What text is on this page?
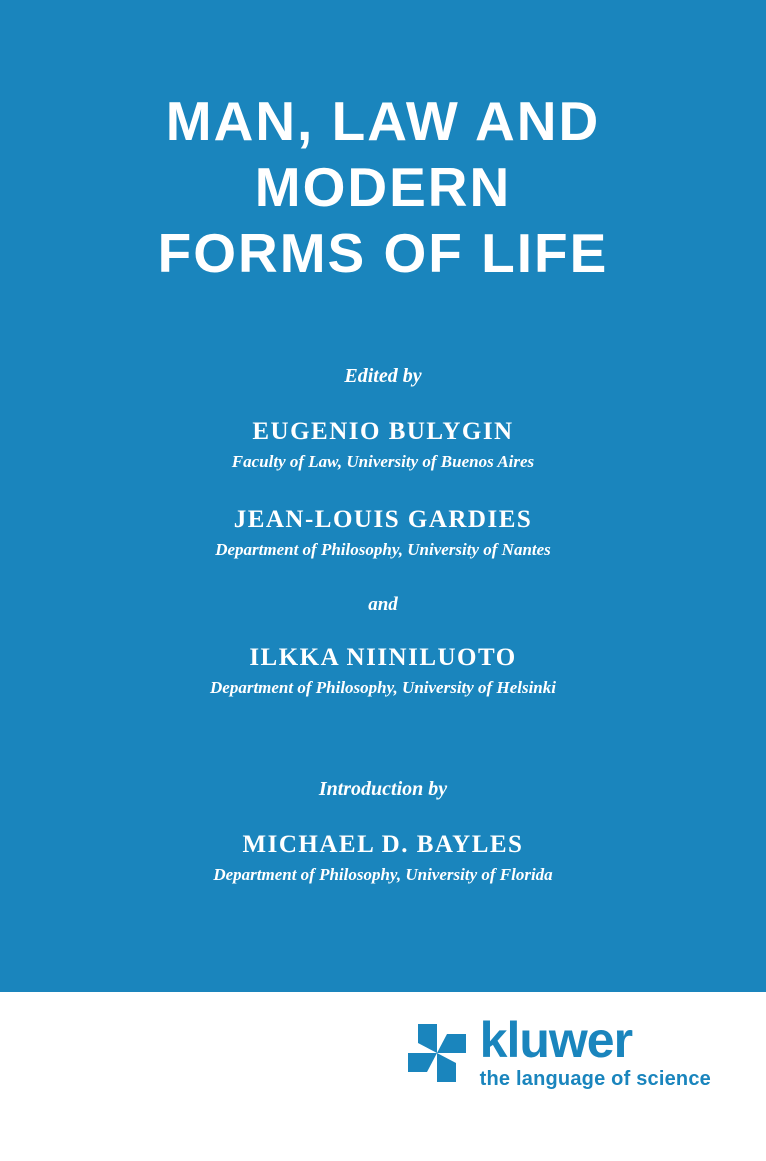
MAN, LAW AND
MODERN
FORMS OF LIFE
Edited by
EUGENIO BULYGIN
Faculty of Law, University of Buenos Aires
JEAN-LOUIS GARDIES
Department of Philosophy, University of Nantes
and
ILKKA NIINILUOTO
Department of Philosophy, University of Helsinki
Introduction by
MICHAEL D. BAYLES
Department of Philosophy, University of Florida
kluwer
the language of science
